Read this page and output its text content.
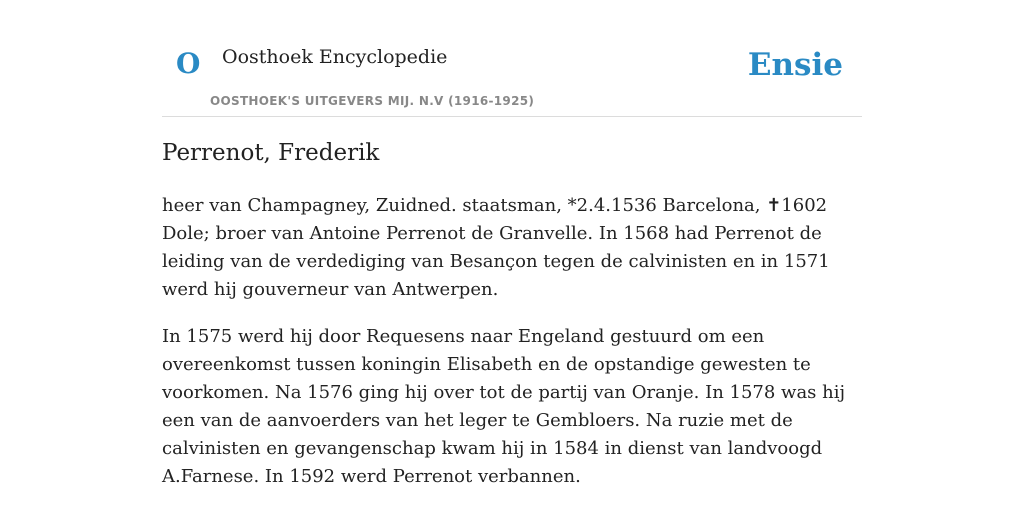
O Oosthoek Encyclopedie
OOSTHOEK'S UITGEVERS MIJ. N.V (1916-1925)
Ensie
Perrenot, Frederik

heer van Champagney, Zuidned. staatsman, *2.4.1536 Barcelona, ✝1602 Dole; broer van Antoine Perrenot de Granvelle. In 1568 had Perrenot de leiding van de verdediging van Besançon tegen de calvinisten en in 1571 werd hij gouverneur van Antwerpen.

In 1575 werd hij door Requesens naar Engeland gestuurd om een overeenkomst tussen koningin Elisabeth en de opstandige gewesten te voorkomen. Na 1576 ging hij over tot de partij van Oranje. In 1578 was hij een van de aanvoerders van het leger te Gembloers. Na ruzie met de calvinisten en gevangenschap kwam hij in 1584 in dienst van landvoogd A.Farnese. In 1592 werd Perrenot verbannen.
